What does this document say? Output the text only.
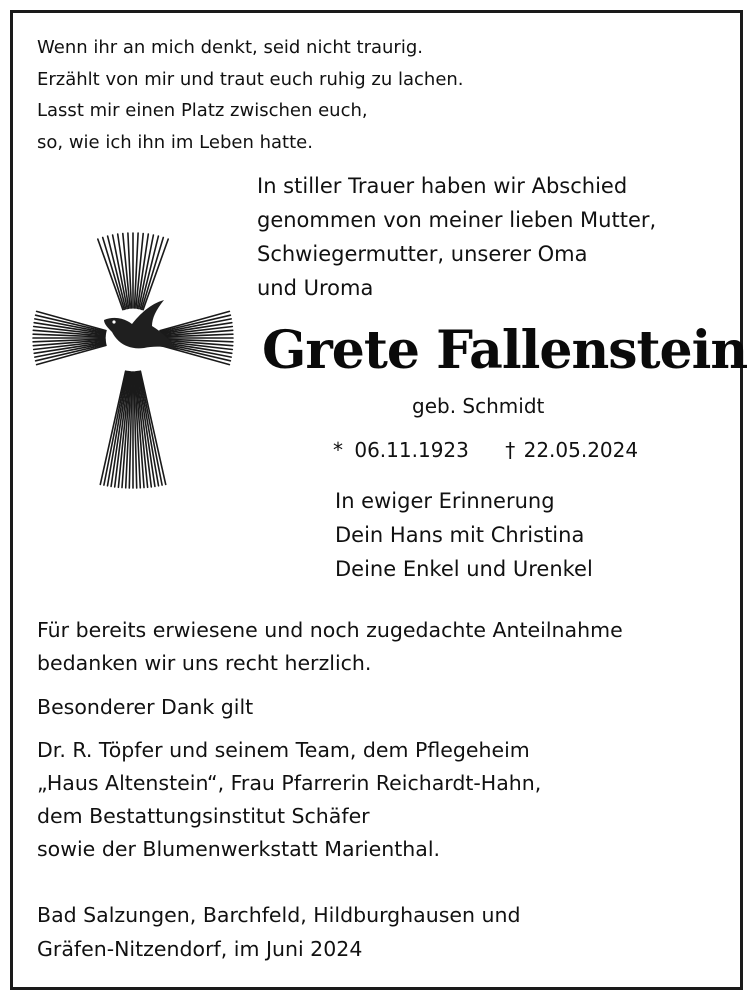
Wenn ihr an mich denkt, seid nicht traurig.
Erzählt von mir und traut euch ruhig zu lachen.
Lasst mir einen Platz zwischen euch,
so, wie ich ihn im Leben hatte.
In stiller Trauer haben wir Abschied
genommen von meiner lieben Mutter,
Schwiegermutter, unserer Oma
und Uroma
Grete Fallenstein
geb. Schmidt
* 06.11.1923 † 22.05.2024
In ewiger Erinnerung
Dein Hans mit Christina
Deine Enkel und Urenkel
Für bereits erwiesene und noch zugedachte Anteilnahme
bedanken wir uns recht herzlich.
Besonderer Dank gilt
Dr. R. Töpfer und seinem Team, dem Pflegeheim
„Haus Altenstein“, Frau Pfarrerin Reichardt-Hahn,
dem Bestattungsinstitut Schäfer
sowie der Blumenwerkstatt Marienthal.
Bad Salzungen, Barchfeld, Hildburghausen und
Gräfen-Nitzendorf, im Juni 2024
